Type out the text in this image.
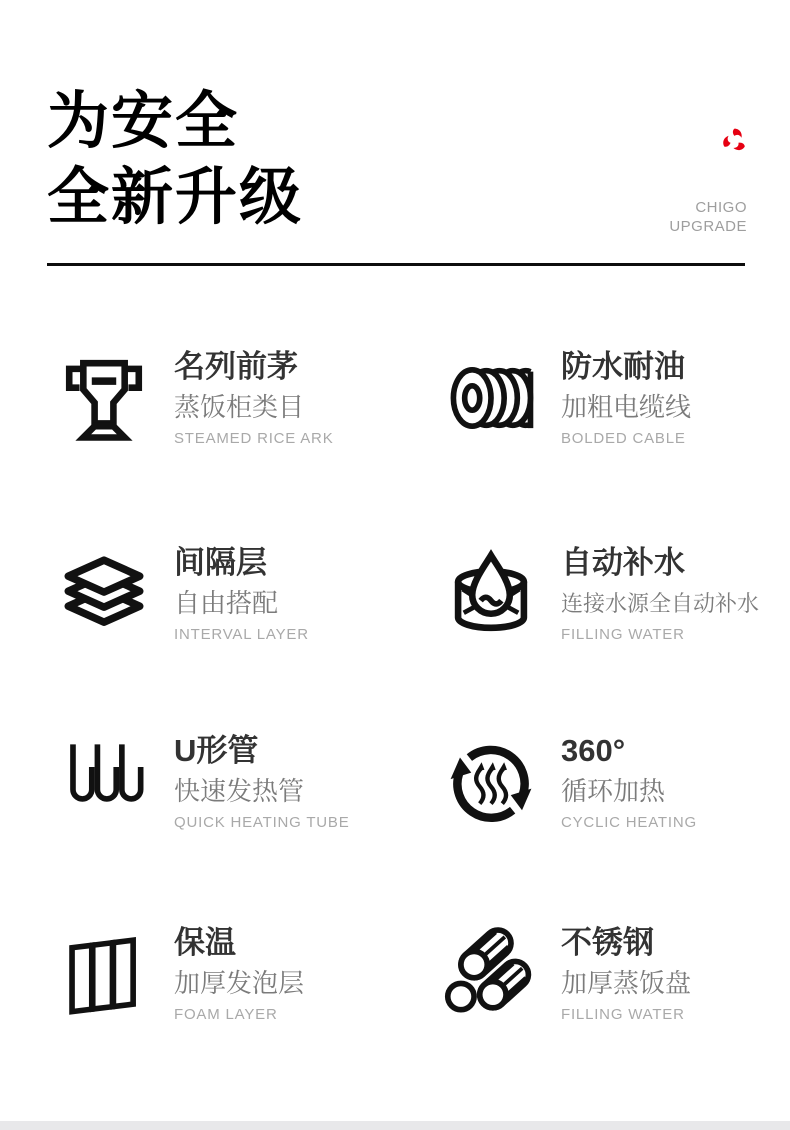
为安全
全新升级	CHIGO
UPGRADE
名列前茅
蒸饭柜类目
STEAMED RICE ARK
防水耐油
加粗电缆线
BOLDED CABLE
间隔层
自由搭配
INTERVAL LAYER
自动补水
连接水源全自动补水
FILLING WATER
U形管
快速发热管
QUICK HEATING TUBE
360°
循环加热
CYCLIC HEATING
保温
加厚发泡层
FOAM LAYER
不锈钢
加厚蒸饭盘
FILLING WATER
